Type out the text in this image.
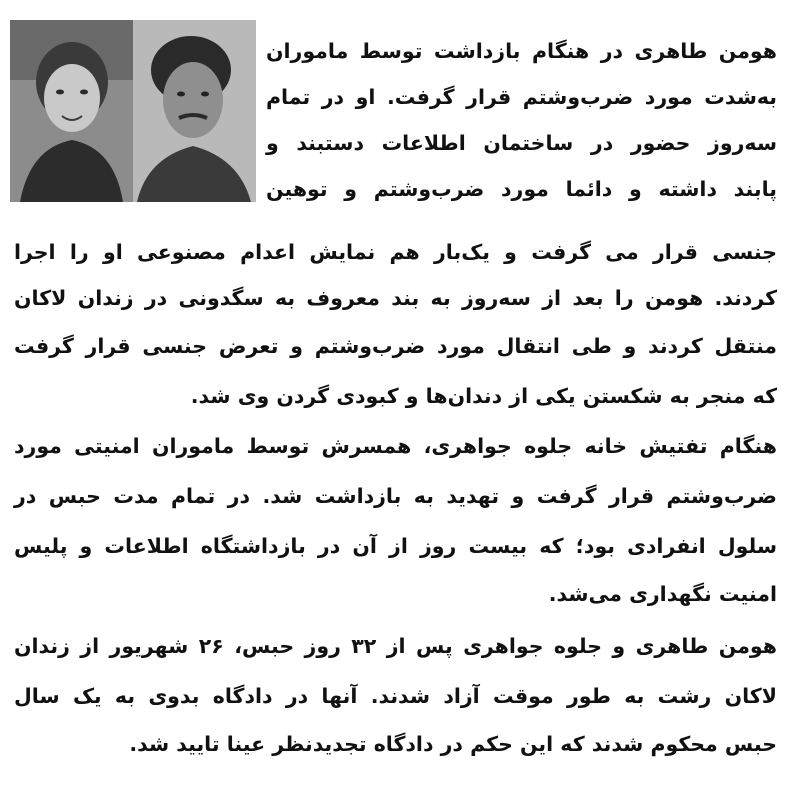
هومن طاهری در هنگام بازداشت توسط ماموران
به‌شدت مورد ضرب‌وشتم قرار گرفت. او در تمام
سه‌روز حضور در ساختمان اطلاعات دستبند و
پابند داشته و دائما مورد ضرب‌وشتم و توهین
جنسی قرار می گرفت و یک‌بار هم نمایش اعدام مصنوعی او را اجرا
کردند. هومن را بعد از سه‌روز به بند معروف به سگدونی در زندان لاکان
منتقل کردند و طی انتقال مورد ضرب‌وشتم و تعرض جنسی قرار گرفت
که منجر به شکستن یکی از دندان‌ها و کبودی گردن وی شد.
هنگام تفتیش خانه جلوه جواهری، همسرش توسط ماموران امنیتی مورد
ضرب‌وشتم قرار گرفت و تهدید به بازداشت شد. در تمام مدت حبس در
سلول انفرادی بود؛ که بیست روز از آن در بازداشتگاه اطلاعات و پلیس
امنیت نگهداری می‌شد.
هومن طاهری و جلوه جواهری پس از ۳۲ روز حبس، ۲۶ شهریور از زندان
لاکان رشت به طور موقت آزاد شدند. آنها در دادگاه بدوی به یک سال
حبس محکوم شدند که این حکم در دادگاه تجدیدنظر عینا تایید شد.
